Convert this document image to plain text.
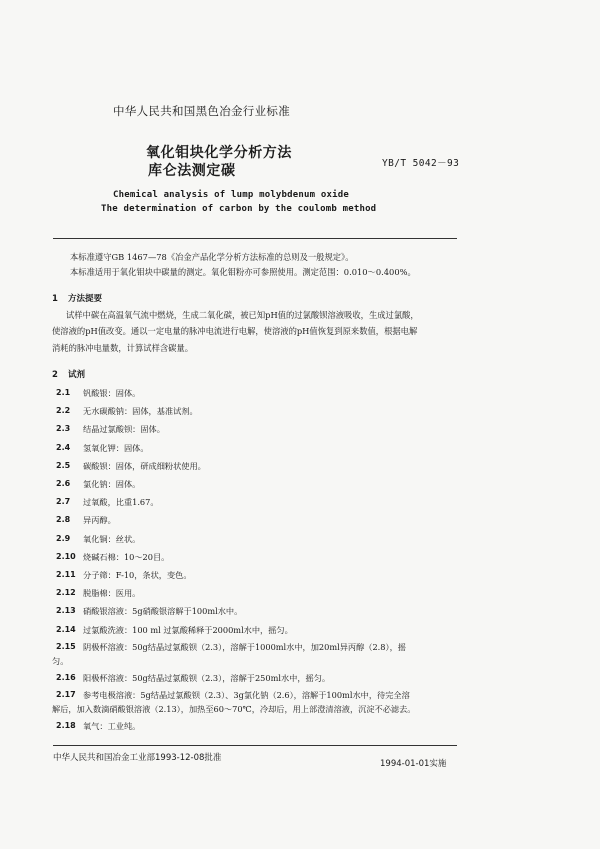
中华人民共和国黑色冶金行业标准
氧化钼块化学分析方法
库仑法测定碳	YB/T 5042－93
Chemical analysis of lump molybdenum oxide
The determination of carbon by the coulomb method
本标准遵守GB 1467—78《冶金产品化学分析方法标准的总则及一般规定》。
本标准适用于氧化钼块中碳量的测定。氧化钼粉亦可参照使用。测定范围：0.010～0.400%。
1 方法提要
试样中碳在高温氧气流中燃烧，生成二氧化碳，被已知pH值的过氯酸钡溶液吸收，生成过氯酸，
使溶液的pH值改变。通以一定电量的脉冲电流进行电解，使溶液的pH值恢复到原来数值，根据电解
消耗的脉冲电量数，计算试样含碳量。
2 试剂
2.1	钒酸银：固体。
2.2	无水碳酸钠：固体，基准试剂。
2.3	结晶过氯酸钡：固体。
2.4	氢氧化钾：固体。
2.5	碳酸钡：固体，研成细粉状使用。
2.6	氯化钠：固体。
2.7	过氧酸，比重1.67。
2.8	异丙醇。
2.9	氧化铜：丝状。
2.10 烧碱石棉：10～20目。
2.11 分子筛：F-10，条状，变色。
2.12 脱脂棉：医用。
2.13 硝酸银溶液：5g硝酸银溶解于100ml水中。
2.14 过氯酸洗液：100 ml 过氯酸稀释于2000ml水中，摇匀。
2.15 阴极杯溶液：50g结晶过氯酸钡（2.3），溶解于1000ml水中，加20ml异丙醇（2.8），摇
匀。
2.16 阳极杯溶液：50g结晶过氯酸钡（2.3），溶解于250ml水中，摇匀。
2.17 参考电极溶液：5g结晶过氯酸钡（2.3）、3g氯化钠（2.6），溶解于100ml水中，待完全溶
解后，加入数滴硝酸银溶液（2.13），加热至60～70℃，冷却后，用上部澄清溶液，沉淀不必滤去。
2.18 氧气：工业纯。
中华人民共和国冶金工业部1993-12-08批准
1994-01-01实施
